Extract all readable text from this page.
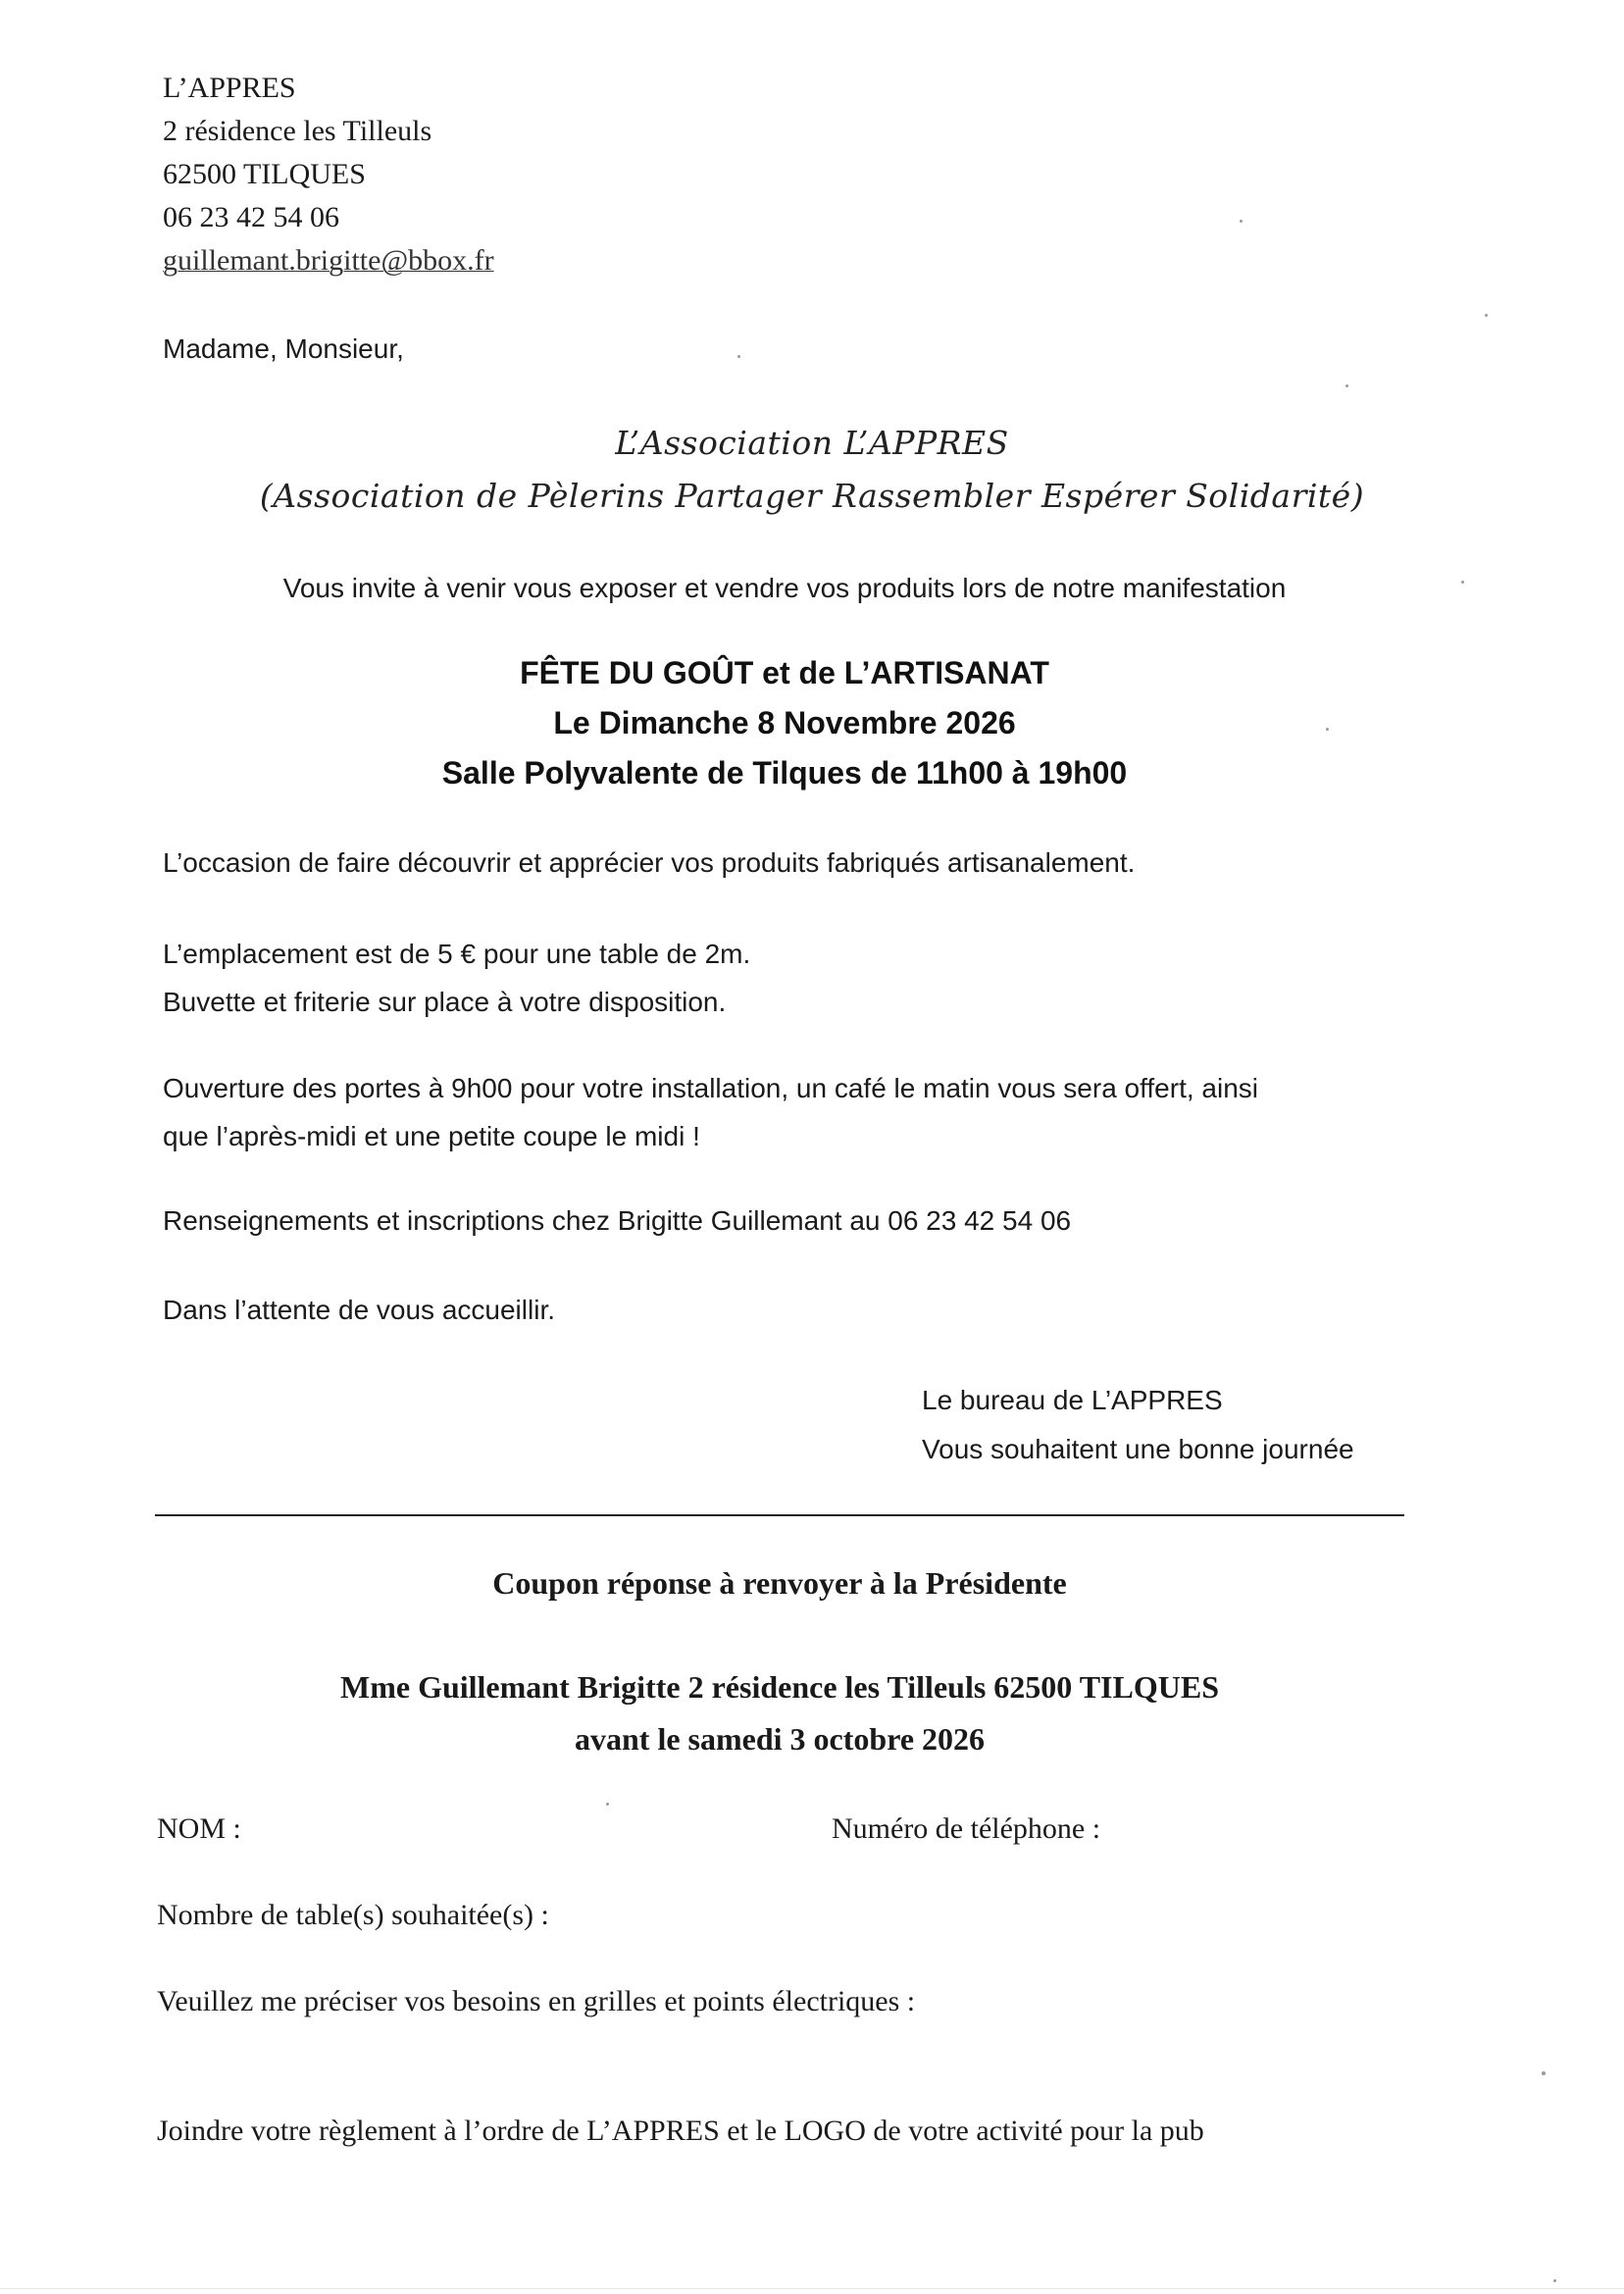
L’APPRES
2 résidence les Tilleuls
62500 TILQUES
06 23 42 54 06
guillemant.brigitte@bbox.fr
Madame, Monsieur,
L’Association L’APPRES
(Association de Pèlerins Partager Rassembler Espérer Solidarité)
Vous invite à venir vous exposer et vendre vos produits lors de notre manifestation
FÊTE DU GOÛT et de L’ARTISANAT
Le Dimanche 8 Novembre 2026
Salle Polyvalente de Tilques de 11h00 à 19h00
L’occasion de faire découvrir et apprécier vos produits fabriqués artisanalement.
L’emplacement est de 5 € pour une table de 2m.
Buvette et friterie sur place à votre disposition.
Ouverture des portes à 9h00 pour votre installation, un café le matin vous sera offert, ainsi
que l’après-midi et une petite coupe le midi !
Renseignements et inscriptions chez Brigitte Guillemant au 06 23 42 54 06
Dans l’attente de vous accueillir.
Le bureau de L’APPRES
Vous souhaitent une bonne journée
Coupon réponse à renvoyer à la Présidente
Mme Guillemant Brigitte 2 résidence les Tilleuls 62500 TILQUES
avant le samedi 3 octobre 2026
NOM :	Numéro de téléphone :
Nombre de table(s) souhaitée(s) :
Veuillez me préciser vos besoins en grilles et points électriques :
Joindre votre règlement à l’ordre de L’APPRES et le LOGO de votre activité pour la pub
